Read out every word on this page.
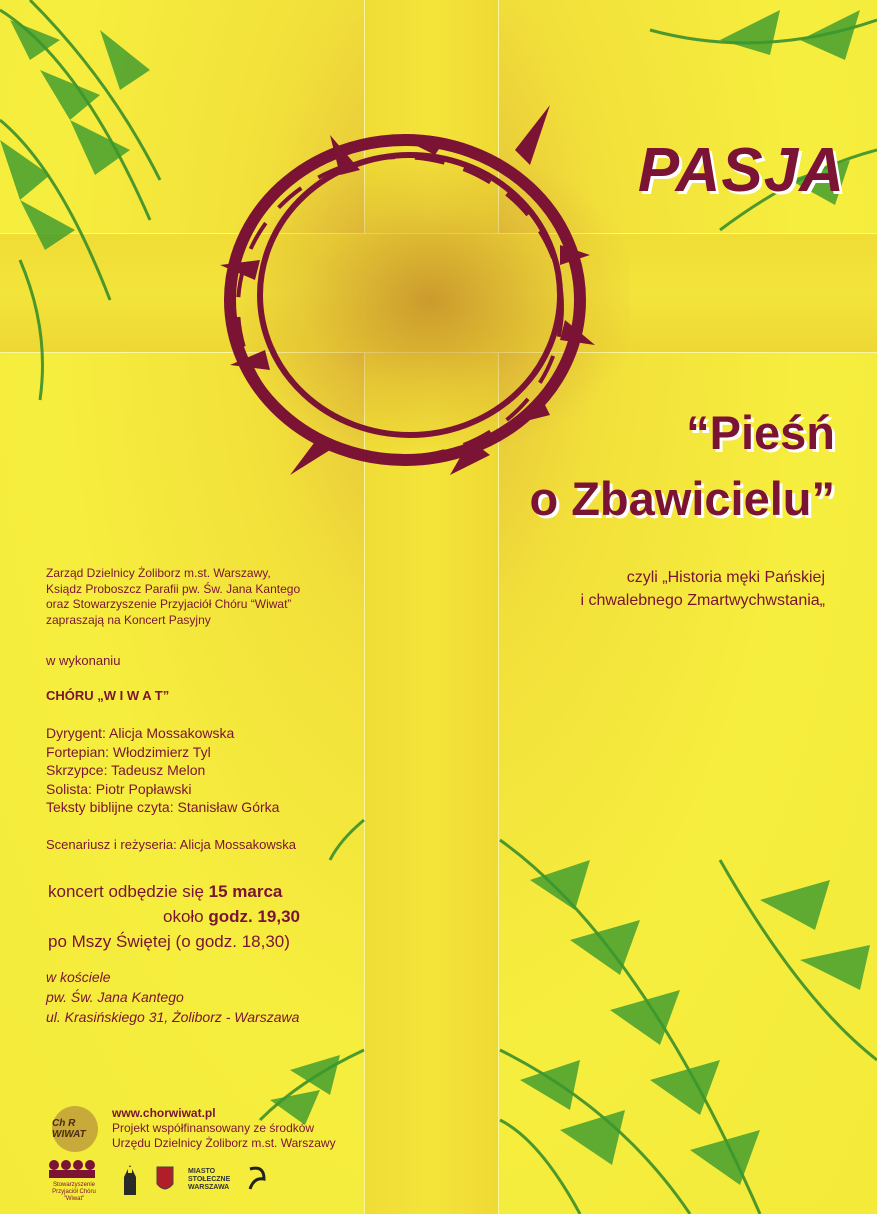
PASJA
“Pieśń
o Zbawicielu”
czyli „Historia męki Pańskiej
i chwalebnego Zmartwychwstania„
Zarząd Dzielnicy Żoliborz m.st. Warszawy,
Ksiądz Proboszcz Parafii pw. Św. Jana Kantego
oraz Stowarzyszenie Przyjaciół Chóru “Wiwat”
zapraszają na Koncert Pasyjny
w wykonaniu
CHÓRU „W I W A T”
Dyrygent: Alicja Mossakowska
Fortepian: Włodzimierz Tyl
Skrzypce: Tadeusz Melon
Solista: Piotr Popławski
Teksty biblijne czyta: Stanisław Górka
Scenariusz i reżyseria: Alicja Mossakowska
koncert odbędzie się 15 marca
około godz. 19,30
po Mszy Świętej (o godz. 18,30)
w kościele
pw. Św. Jana Kantego
ul. Krasińskiego 31, Żoliborz - Warszawa
Ch R WIWAT
www.chorwiwat.pl
Projekt współfinansowany ze środków
Urzędu Dzielnicy Żoliborz m.st. Warszawy
Stowarzyszenie Przyjaciół Chóru "Wiwat"
MIASTO
STOŁECZNE
WARSZAWA
